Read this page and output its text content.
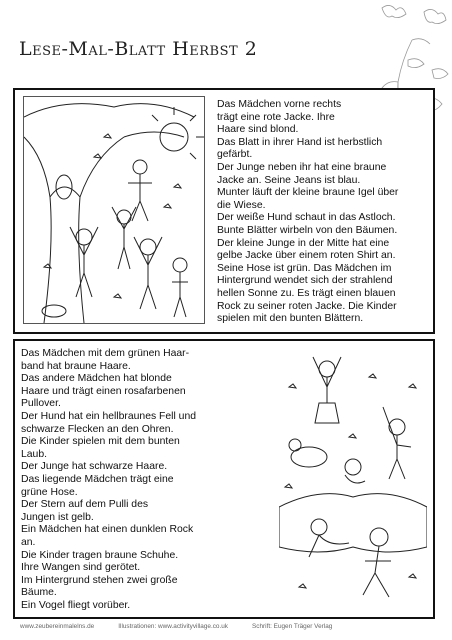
Lese-Mal-Blatt Herbst 2
Das Mädchen vorne rechts
trägt eine rote Jacke. Ihre
Haare sind blond.
Das Blatt in ihrer Hand ist herbstlich
gefärbt.
Der Junge neben ihr hat eine braune
Jacke an. Seine Jeans ist blau.
Munter läuft der kleine braune Igel über
die Wiese.
Der weiße Hund schaut in das Astloch.
Bunte Blätter wirbeln von den Bäumen.
Der kleine Junge in der Mitte hat eine
gelbe Jacke über einem roten Shirt an.
Seine Hose ist grün. Das Mädchen im
Hintergrund wendet sich der strahlend
hellen Sonne zu. Es trägt einen blauen
Rock zu seiner roten Jacke. Die Kinder
spielen mit den bunten Blättern.
Das Mädchen mit dem grünen Haar-
band hat braune Haare.
Das andere Mädchen hat blonde
Haare und trägt einen rosafarbenen
Pullover.
Der Hund hat ein hellbraunes Fell und
schwarze Flecken an den Ohren.
Die Kinder spielen mit dem bunten
Laub.
Der Junge hat schwarze Haare.
Das liegende Mädchen trägt eine
grüne Hose.
Der Stern auf dem Pulli des
Jungen ist gelb.
Ein Mädchen hat einen dunklen Rock
an.
Die Kinder tragen braune Schuhe.
Ihre Wangen sind gerötet.
Im Hintergrund stehen zwei große
Bäume.
Ein Vogel fliegt vorüber.
www.zeubereinmalelns.de	Illustrationen: www.activityvillage.co.uk	Schrift: Eugen Träger Verlag
